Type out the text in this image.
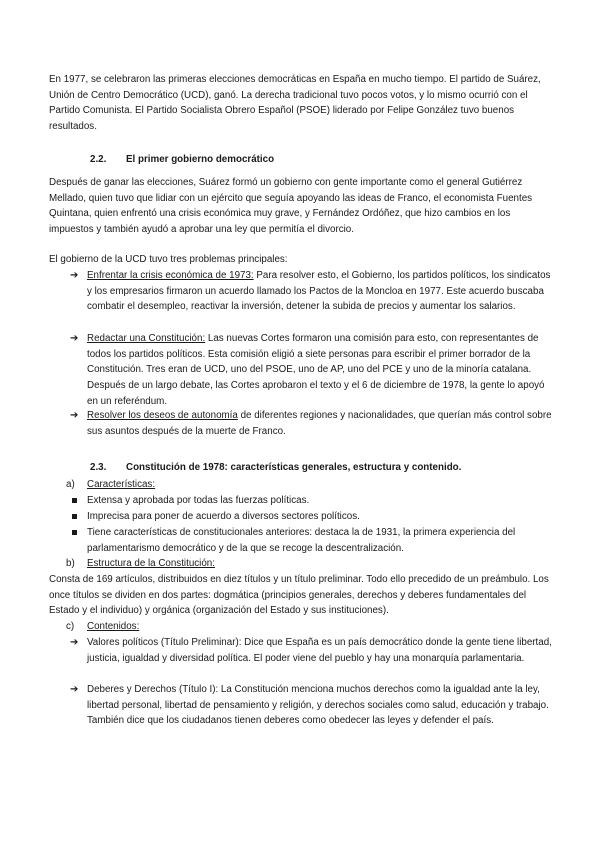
En 1977, se celebraron las primeras elecciones democráticas en España en mucho tiempo. El partido de Suárez, Unión de Centro Democrático (UCD), ganó. La derecha tradicional tuvo pocos votos, y lo mismo ocurrió con el Partido Comunista. El Partido Socialista Obrero Español (PSOE) liderado por Felipe González tuvo buenos resultados.

2.2. El primer gobierno democrático

Después de ganar las elecciones, Suárez formó un gobierno con gente importante como el general Gutiérrez Mellado, quien tuvo que lidiar con un ejército que seguía apoyando las ideas de Franco, el economista Fuentes Quintana, quien enfrentó una crisis económica muy grave, y Fernández Ordóñez, que hizo cambios en los impuestos y también ayudó a aprobar una ley que permitía el divorcio.

El gobierno de la UCD tuvo tres problemas principales:

➔ Enfrentar la crisis económica de 1973: Para resolver esto, el Gobierno, los partidos políticos, los sindicatos y los empresarios firmaron un acuerdo llamado los Pactos de la Moncloa en 1977. Este acuerdo buscaba combatir el desempleo, reactivar la inversión, detener la subida de precios y aumentar los salarios.
➔ Redactar una Constitución: Las nuevas Cortes formaron una comisión para esto, con representantes de todos los partidos políticos. Esta comisión eligió a siete personas para escribir el primer borrador de la Constitución. Tres eran de UCD, uno del PSOE, uno de AP, uno del PCE y uno de la minoría catalana. Después de un largo debate, las Cortes aprobaron el texto y el 6 de diciembre de 1978, la gente lo apoyó en un referéndum.
➔ Resolver los deseos de autonomía de diferentes regiones y nacionalidades, que querían más control sobre sus asuntos después de la muerte de Franco.
2.3. Constitución de 1978: características generales, estructura y contenido.
a) Características:
Extensa y aprobada por todas las fuerzas políticas.
Imprecisa para poner de acuerdo a diversos sectores políticos.
Tiene características de constitucionales anteriores: destaca la de 1931, la primera experiencia del parlamentarismo democrático y de la que se recoge la descentralización.
b) Estructura de la Constitución:

Consta de 169 artículos, distribuidos en diez títulos y un título preliminar. Todo ello precedido de un preámbulo. Los once títulos se dividen en dos partes: dogmática (principios generales, derechos y deberes fundamentales del Estado y el individuo) y orgánica (organización del Estado y sus instituciones).

c) Contenidos:
➔ Valores políticos (Título Preliminar): Dice que España es un país democrático donde la gente tiene libertad, justicia, igualdad y diversidad política. El poder viene del pueblo y hay una monarquía parlamentaria.
➔ Deberes y Derechos (Título I): La Constitución menciona muchos derechos como la igualdad ante la ley, libertad personal, libertad de pensamiento y religión, y derechos sociales como salud, educación y trabajo. También dice que los ciudadanos tienen deberes como obedecer las leyes y defender el país.
